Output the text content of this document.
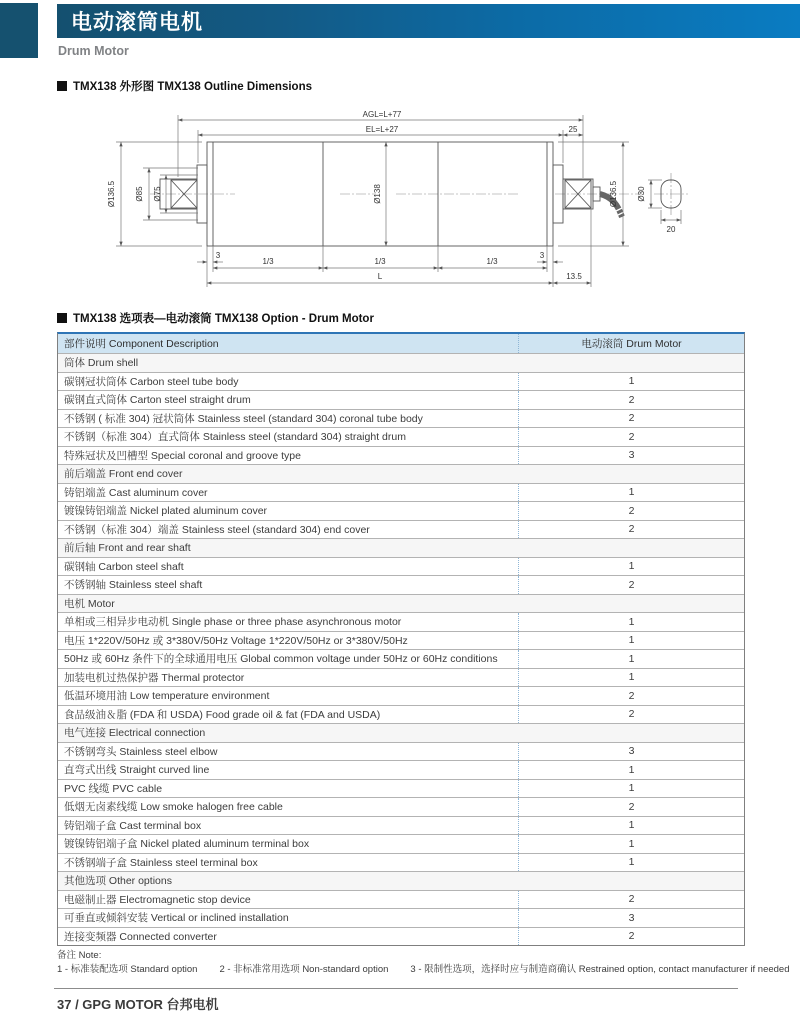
电动滚筒电机
Drum Motor
TMX138 外形图 TMX138 Outline Dimensions
AGL=L+77
EL=L+27	25
Ø136.5 Ø85 Ø75	Ø138	Ø136.5 Ø30
20
3	3
1/3	1/3	1/3
L	13.5
TMX138 选项表—电动滚筒 TMX138 Option - Drum Motor
部件说明 Component Description	电动滚筒 Drum Motor
筒体 Drum shell
碳钢冠状筒体 Carbon steel tube body	1
碳钢直式筒体 Carton steel straight drum	2
不锈钢 ( 标准 304) 冠状筒体 Stainless steel (standard 304) coronal tube body	2
不锈钢（标准 304）直式筒体 Stainless steel (standard 304) straight drum	2
特殊冠状及凹槽型 Special coronal and groove type	3
前后端盖 Front end cover
铸铝端盖 Cast aluminum cover	1
镀镍铸铝端盖 Nickel plated aluminum cover	2
不锈钢（标准 304）端盖 Stainless steel (standard 304) end cover	2
前后轴 Front and rear shaft
碳钢轴 Carbon steel shaft	1
不锈钢轴 Stainless steel shaft	2
电机 Motor
单相或三相异步电动机 Single phase or three phase asynchronous motor	1
电压 1*220V/50Hz 或 3*380V/50Hz Voltage 1*220V/50Hz or 3*380V/50Hz	1
50Hz 或 60Hz 条件下的全球通用电压 Global common voltage under 50Hz or 60Hz conditions	1
加装电机过热保护器 Thermal protector	1
低温环境用油 Low temperature environment	2
食品级油＆脂 (FDA 和 USDA) Food grade oil & fat (FDA and USDA)	2
电气连接 Electrical connection
不锈钢弯头 Stainless steel elbow	3
直弯式出线 Straight curved line	1
PVC 线缆 PVC cable	1
低烟无卤素线缆 Low smoke halogen free cable	2
铸铝端子盒 Cast terminal box	1
镀镍铸铝端子盒 Nickel plated aluminum terminal box	1
不锈钢端子盒 Stainless steel terminal box	1
其他选项 Other options
电磁制止器 Electromagnetic stop device	2
可垂直或倾斜安装 Vertical or inclined installation	3
连接变频器 Connected converter	2
备注 Note:
1 - 标准装配选项 Standard option 2 - 非标准常用选项 Non-standard option 3 - 限制性选项，选择时应与制造商确认 Restrained option, contact manufacturer if needed
37 / GPG MOTOR 台邦电机
